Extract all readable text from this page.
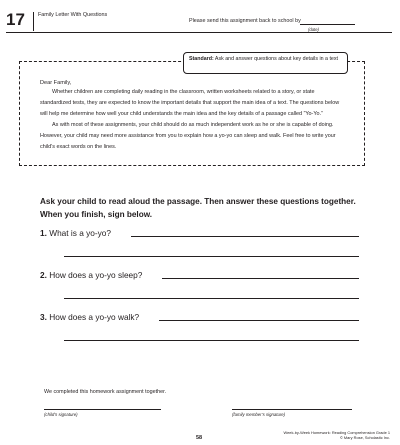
17 Family Letter With Questions
Please send this assignment back to school by
(date)
Standard: Ask and answer questions about key details in a text
Dear Family,

Whether children are completing daily reading in the classroom, written worksheets related to a story, or state standardized tests, they are expected to know the important details that support the main idea of a text. The questions below will help me determine how well your child understands the main idea and the key details of a passage called “Yo-Yo.”

As with most of these assignments, your child should do as much independent work as he or she is capable of doing. However, your child may need more assistance from you to explain how a yo-yo can sleep and walk. Feel free to write your child’s exact words on the lines.

Ask your child to read aloud the passage. Then answer these questions together. When you finish, sign below.
1. What is a yo-yo?
2. How does a yo-yo sleep?
3. How does a yo-yo walk?
We completed this homework assignment together.
(child’s signature)	(family member’s signature)
58
Week-by-Week Homework: Reading Comprehension Grade 1
© Mary Rose, Scholastic Inc.
